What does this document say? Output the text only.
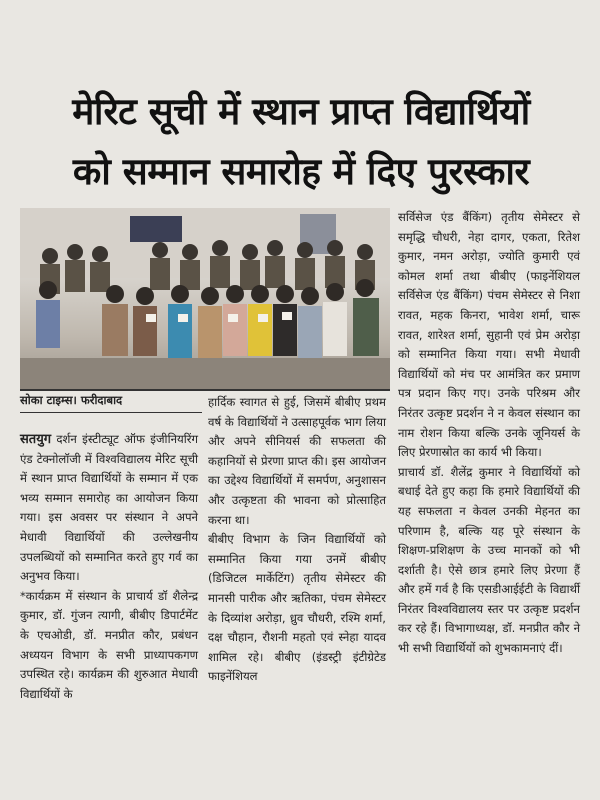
मेरिट सूची में स्थान प्राप्त विद्यार्थियों
को सम्मान समारोह में दिए पुरस्कार
सोका टाइम्स। फरीदाबाद

सतयुग दर्शन इंस्टीट्यूट ऑफ इंजीनियरिंग एंड टेक्नोलॉजी में विश्वविद्यालय मेरिट सूची में स्थान प्राप्त विद्यार्थियों के सम्मान में एक भव्य सम्मान समारोह का आयोजन किया गया। इस अवसर पर संस्थान ने अपने मेधावी विद्यार्थियों की उल्लेखनीय उपलब्धियों को सम्मानित करते हुए गर्व का अनुभव किया।

*कार्यक्रम में संस्थान के प्राचार्य डॉ शैलेन्द्र कुमार, डॉ. गुंजन त्यागी, बीबीए डिपार्टमेंट के एचओडी, डॉ. मनप्रीत कौर, प्रबंधन अध्ययन विभाग के सभी प्राध्यापकगण उपस्थित रहे। कार्यक्रम की शुरुआत मेधावी विद्यार्थियों के

हार्दिक स्वागत से हुई, जिसमें बीबीए प्रथम वर्ष के विद्यार्थियों ने उत्साहपूर्वक भाग लिया और अपने सीनियर्स की सफलता की कहानियों से प्रेरणा प्राप्त की। इस आयोजन का उद्देश्य विद्यार्थियों में समर्पण, अनुशासन और उत्कृष्टता की भावना को प्रोत्साहित करना था।

बीबीए विभाग के जिन विद्यार्थियों को सम्मानित किया गया उनमें बीबीए (डिजिटल मार्केटिंग) तृतीय सेमेस्टर की मानसी पारीक और ऋतिका, पंचम सेमेस्टर के दिव्यांश अरोड़ा, ध्रुव चौधरी, रश्मि शर्मा, दक्ष चौहान, रौशनी महतो एवं स्नेहा यादव शामिल रहे। बीबीए (इंडस्ट्री इंटीग्रेटेड फाइनेंशियल

सर्विसेज एंड बैंकिंग) तृतीय सेमेस्टर से समृद्धि चौधरी, नेहा दागर, एकता, रितेश कुमार, नमन अरोड़ा, ज्योति कुमारी एवं कोमल शर्मा तथा बीबीए (फाइनेंशियल सर्विसेज एंड बैंकिंग) पंचम सेमेस्टर से निशा रावत, महक किनरा, भावेश शर्मा, चारू रावत, शारेश्त शर्मा, सुहानी एवं प्रेम अरोड़ा को सम्मानित किया गया। सभी मेधावी विद्यार्थियों को मंच पर आमंत्रित कर प्रमाण पत्र प्रदान किए गए। उनके परिश्रम और निरंतर उत्कृष्ट प्रदर्शन ने न केवल संस्थान का नाम रोशन किया बल्कि उनके जूनियर्स के लिए प्रेरणास्रोत का कार्य भी किया।

प्राचार्य डॉ. शैलेंद्र कुमार ने विद्यार्थियों को बधाई देते हुए कहा कि हमारे विद्यार्थियों की यह सफलता न केवल उनकी मेहनत का परिणाम है, बल्कि यह पूरे संस्थान के शिक्षण-प्रशिक्षण के उच्च मानकों को भी दर्शाती है। ऐसे छात्र हमारे लिए प्रेरणा हैं और हमें गर्व है कि एसडीआईईटी के विद्यार्थी निरंतर विश्वविद्यालय स्तर पर उत्कृष्ट प्रदर्शन कर रहे हैं। विभागाध्यक्ष, डॉ. मनप्रीत कौर ने भी सभी विद्यार्थियों को शुभकामनाएं दीं।
